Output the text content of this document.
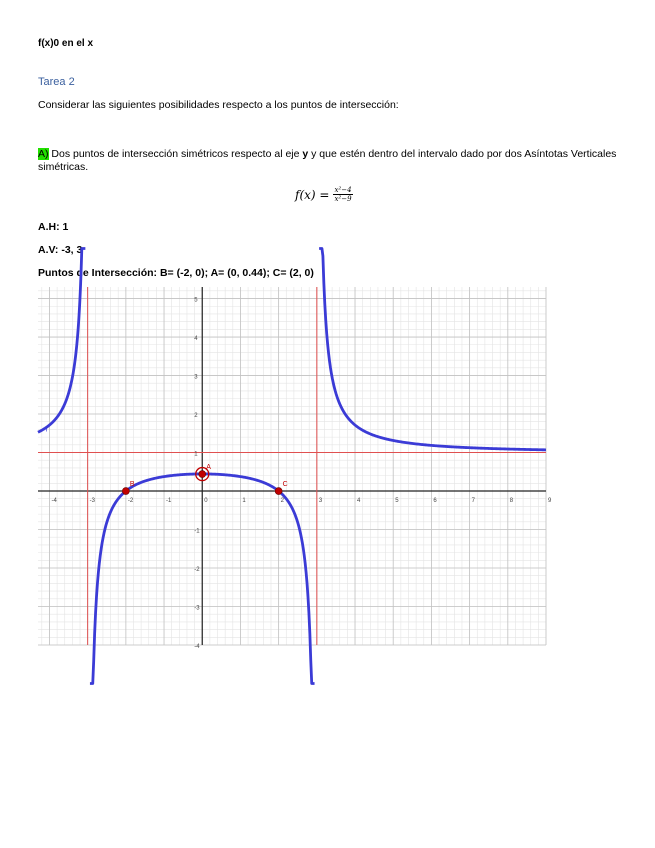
f(x)0 en el x
Tarea 2
Considerar las siguientes posibilidades respecto a los puntos de intersección:
A) Dos puntos de intersección simétricos respecto al eje y y que estén dentro del intervalo dado por dos Asíntotas Verticales simétricas.
$f(x) = \frac{\text{x²−4}}{\text{x²−9}}$
A.H: 1
A.V: -3, 3
Puntos de Intersección: B= (-2, 0); A= (0, 0.44); C= (2, 0)
-4	-3	-2	-1	0	1	2	3	4	5	6	7	8	9
-4
-3
-2
-1
1
2
3
4
5
f
B
A
C
